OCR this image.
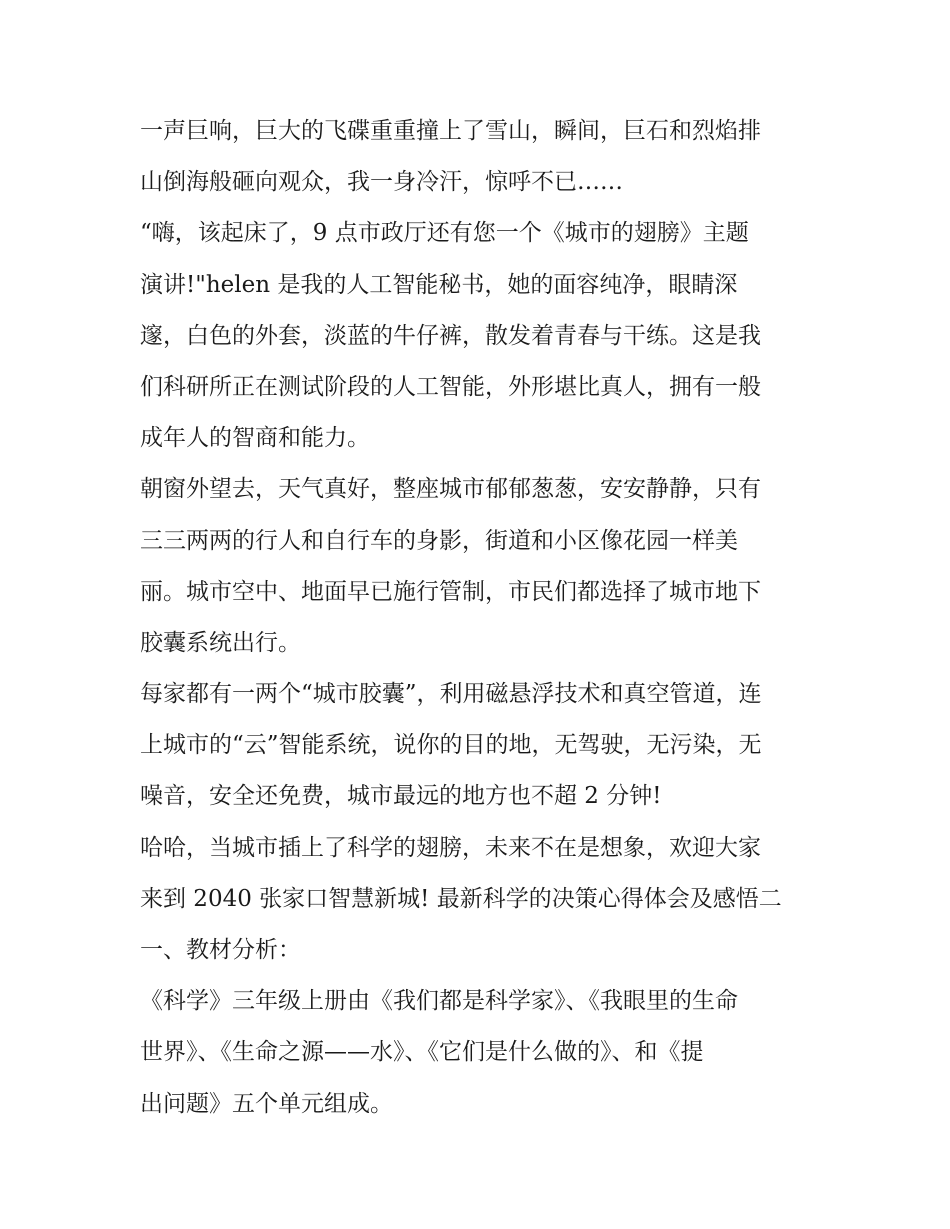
一声巨响，巨大的飞碟重重撞上了雪山，瞬间，巨石和烈焰排
山倒海般砸向观众，我一身冷汗，惊呼不已……
“嗨，该起床了，9 点市政厅还有您一个《城市的翅膀》主题
演讲!"helen 是我的人工智能秘书，她的面容纯净，眼睛深
邃，白色的外套，淡蓝的牛仔裤，散发着青春与干练。这是我
们科研所正在测试阶段的人工智能，外形堪比真人，拥有一般
成年人的智商和能力。
朝窗外望去，天气真好，整座城市郁郁葱葱，安安静静，只有
三三两两的行人和自行车的身影，街道和小区像花园一样美
丽。城市空中、地面早已施行管制，市民们都选择了城市地下
胶囊系统出行。
每家都有一两个“城市胶囊”，利用磁悬浮技术和真空管道，连
上城市的“云”智能系统，说你的目的地，无驾驶，无污染，无
噪音，安全还免费，城市最远的地方也不超 2 分钟!
哈哈，当城市插上了科学的翅膀，未来不在是想象，欢迎大家
来到 2040 张家口智慧新城! 最新科学的决策心得体会及感悟二
一、教材分析：
《科学》三年级上册由《我们都是科学家》、《我眼里的生命
世界》、《生命之源——水》、《它们是什么做的》、和《提
出问题》五个单元组成。
